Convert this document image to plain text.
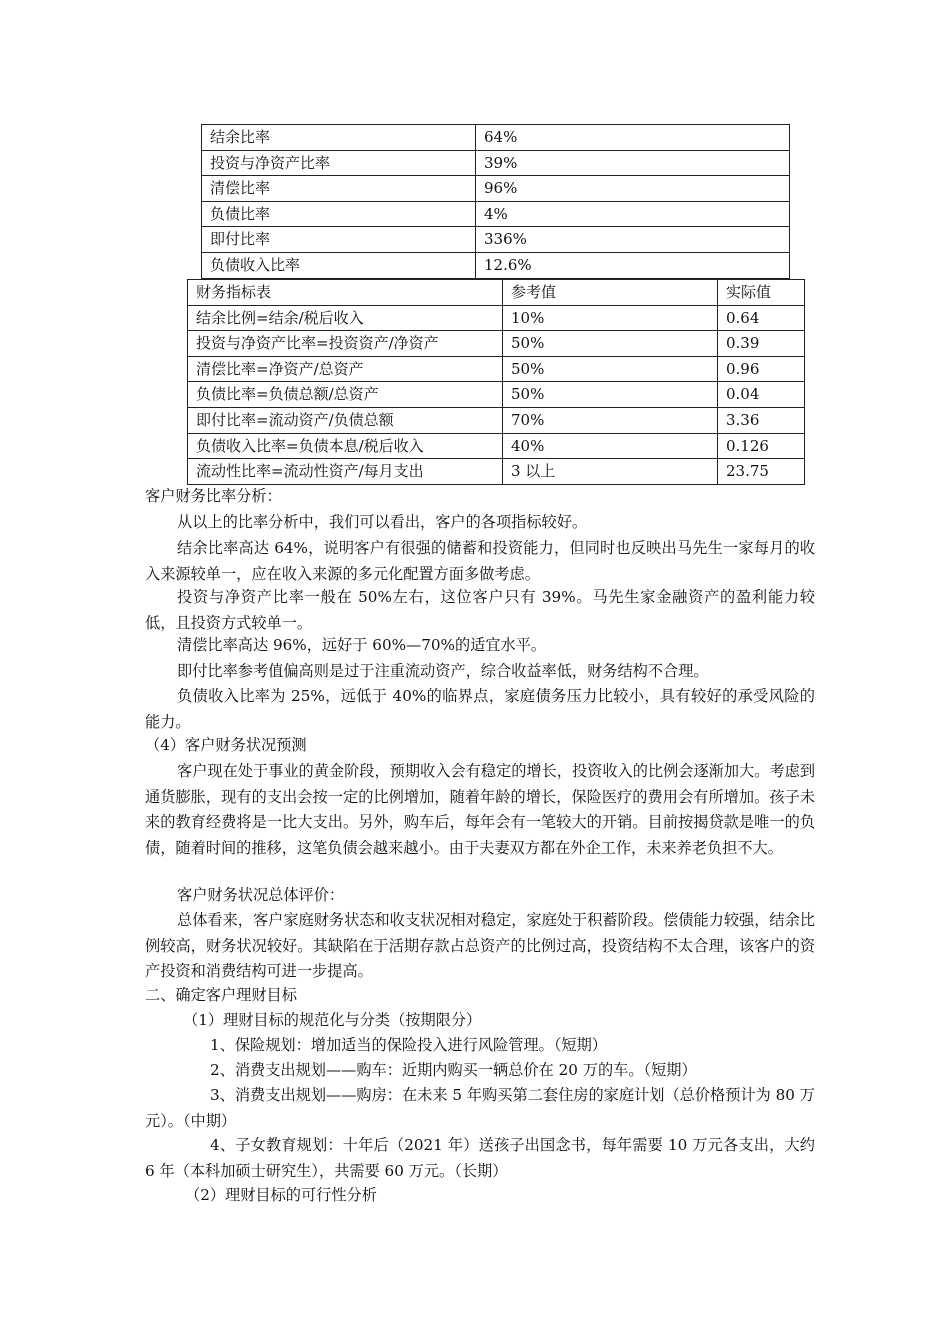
结余比率	64%
投资与净资产比率	39%
清偿比率	96%
负债比率	4%
即付比率	336%
负债收入比率	12.6%
财务指标表	参考值	实际值
结余比例=结余/税后收入	10%	0.64
投资与净资产比率=投资资产/净资产	50%	0.39
清偿比率=净资产/总资产	50%	0.96
负债比率=负债总额/总资产	50%	0.04
即付比率=流动资产/负债总额	70%	3.36
负债收入比率=负债本息/税后收入	40%	0.126
流动性比率=流动性资产/每月支出	3 以上	23.75
客户财务比率分析：
从以上的比率分析中，我们可以看出，客户的各项指标较好。
结余比率高达 64%，说明客户有很强的储蓄和投资能力，但同时也反映出马先生一家每月的收入来源较单一，应在收入来源的多元化配置方面多做考虑。
投资与净资产比率一般在 50%左右，这位客户只有 39%。马先生家金融资产的盈利能力较低，且投资方式较单一。
清偿比率高达 96%，远好于 60%—70%的适宜水平。
即付比率参考值偏高则是过于注重流动资产，综合收益率低，财务结构不合理。
负债收入比率为 25%，远低于 40%的临界点，家庭债务压力比较小，具有较好的承受风险的能力。
（4）客户财务状况预测
客户现在处于事业的黄金阶段，预期收入会有稳定的增长，投资收入的比例会逐渐加大。考虑到通货膨胀，现有的支出会按一定的比例增加，随着年龄的增长，保险医疗的费用会有所增加。孩子未来的教育经费将是一比大支出。另外，购车后，每年会有一笔较大的开销。目前按揭贷款是唯一的负债，随着时间的推移，这笔负债会越来越小。由于夫妻双方都在外企工作，未来养老负担不大。
客户财务状况总体评价：
总体看来，客户家庭财务状态和收支状况相对稳定，家庭处于积蓄阶段。偿债能力较强，结余比例较高，财务状况较好。其缺陷在于活期存款占总资产的比例过高，投资结构不太合理，该客户的资产投资和消费结构可进一步提高。
二、确定客户理财目标
（1）理财目标的规范化与分类（按期限分）
1、保险规划：增加适当的保险投入进行风险管理。（短期）
2、消费支出规划——购车：近期内购买一辆总价在 20 万的车。（短期）
3、消费支出规划——购房：在未来 5 年购买第二套住房的家庭计划（总价格预计为 80 万元）。（中期）
4、子女教育规划：十年后（2021 年）送孩子出国念书，每年需要 10 万元各支出，大约 6 年（本科加硕士研究生），共需要 60 万元。（长期）
（2）理财目标的可行性分析
